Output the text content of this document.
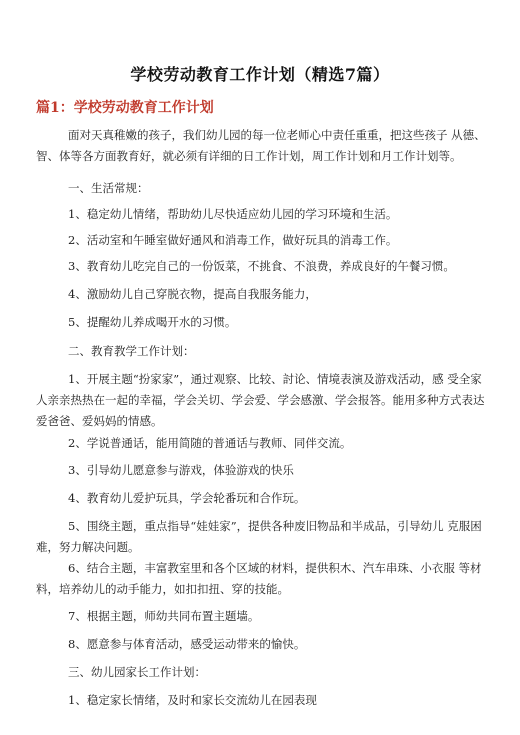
学校劳动教育工作计划（精选7篇）
篇1：学校劳动教育工作计划
面对天真稚嫩的孩子，我们幼儿园的每一位老师心中责任重重，把这些孩子 从德、智、体等各方面教育好，就必须有详细的日工作计划，周工作计划和月工作计划等。
一、生活常规：
1、稳定幼儿情绪，帮助幼儿尽快适应幼儿园的学习环境和生活。
2、活动室和午睡室做好通风和消毒工作，做好玩具的消毒工作。
3、教育幼儿吃完自己的一份饭菜，不挑食、不浪费，养成良好的午餐习惯。
4、激励幼儿自己穿脱衣物，提高自我服务能力，
5、提醒幼儿养成喝开水的习惯。
二、教育教学工作计划：
1、开展主题“扮家家”，通过观察、比较、討论、情境表演及游戏活动，感 受全家人亲亲热热在一起的幸福，学会关切、学会爱、学会感激、学会报答。能用多种方式表达 爱爸爸、爱妈妈的情感。
2、学说普通话，能用简随的普通话与教师、同伴交流。
3、引导幼儿愿意参与游戏，体验游戏的快乐
4、教育幼儿爱护玩具，学会轮番玩和合作玩。
5、围绕主题，重点指导“娃娃家”，提供各种废旧物品和半成品，引导幼儿 克服困难，努力解决问题。
6、结合主题，丰富教室里和各个区域的材料，提供积木、汽车串珠、小衣服 等材料，培养幼儿的动手能力，如扣扣扭、穿的技能。
7、根据主题，师幼共同布置主题墙。
8、愿意参与体育活动，感受运动带来的愉快。
三、幼儿园家长工作计划：
1、稳定家长情绪，及时和家长交流幼儿在园表现
